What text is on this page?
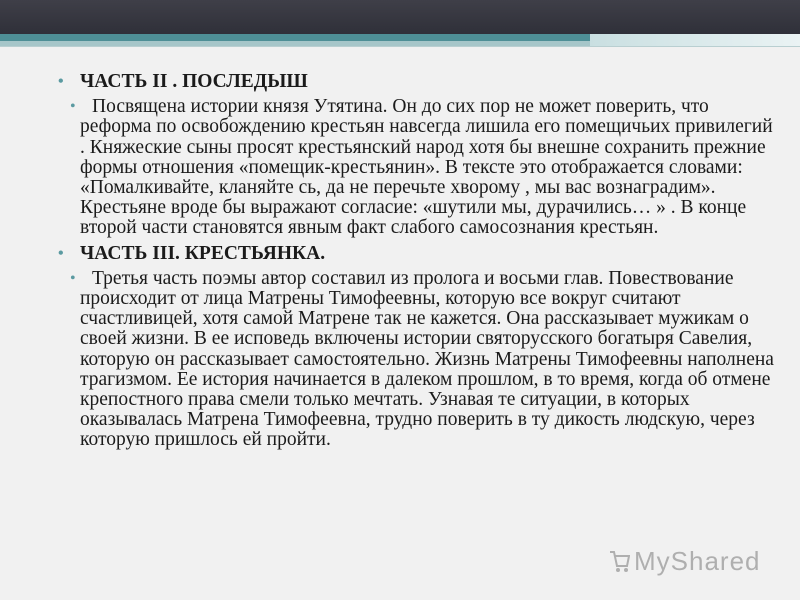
• ЧАСТЬ II . ПОСЛЕДЫШ
• Посвящена истории князя Утятина. Он до сих пор не может поверить, что реформа по освобождению крестьян навсегда лишила его помещичьих привилегий . Княжеские сыны просят крестьянский народ хотя бы внешне сохранить прежние формы отношения «помещик-крестьянин». В тексте это отображается словами: «Помалкивайте, кланяйте сь, да не перечьте хворому , мы вас вознаградим». Крестьяне вроде бы выражают согласие: «шутили мы, дурачились… » . В конце второй части становятся явным факт слабого самосознания крестьян.
• ЧАСТЬ III. КРЕСТЬЯНКА.
• Третья часть поэмы автор составил из пролога и восьми глав. Повествование происходит от лица Матрены Тимофеевны, которую все вокруг считают счастливицей, хотя самой Матрене так не кажется. Она рассказывает мужикам о своей жизни. В ее исповедь включены истории святорусского богатыря Савелия, которую он рассказывает самостоятельно. Жизнь Матрены Тимофеевны наполнена трагизмом. Ее история начинается в далеком прошлом, в то время, когда об отмене крепостного права смели только мечтать. Узнавая те ситуации, в которых оказывалась Матрена Тимофеевна, трудно поверить в ту дикость людскую, через которую пришлось ей пройти.
MyShared
